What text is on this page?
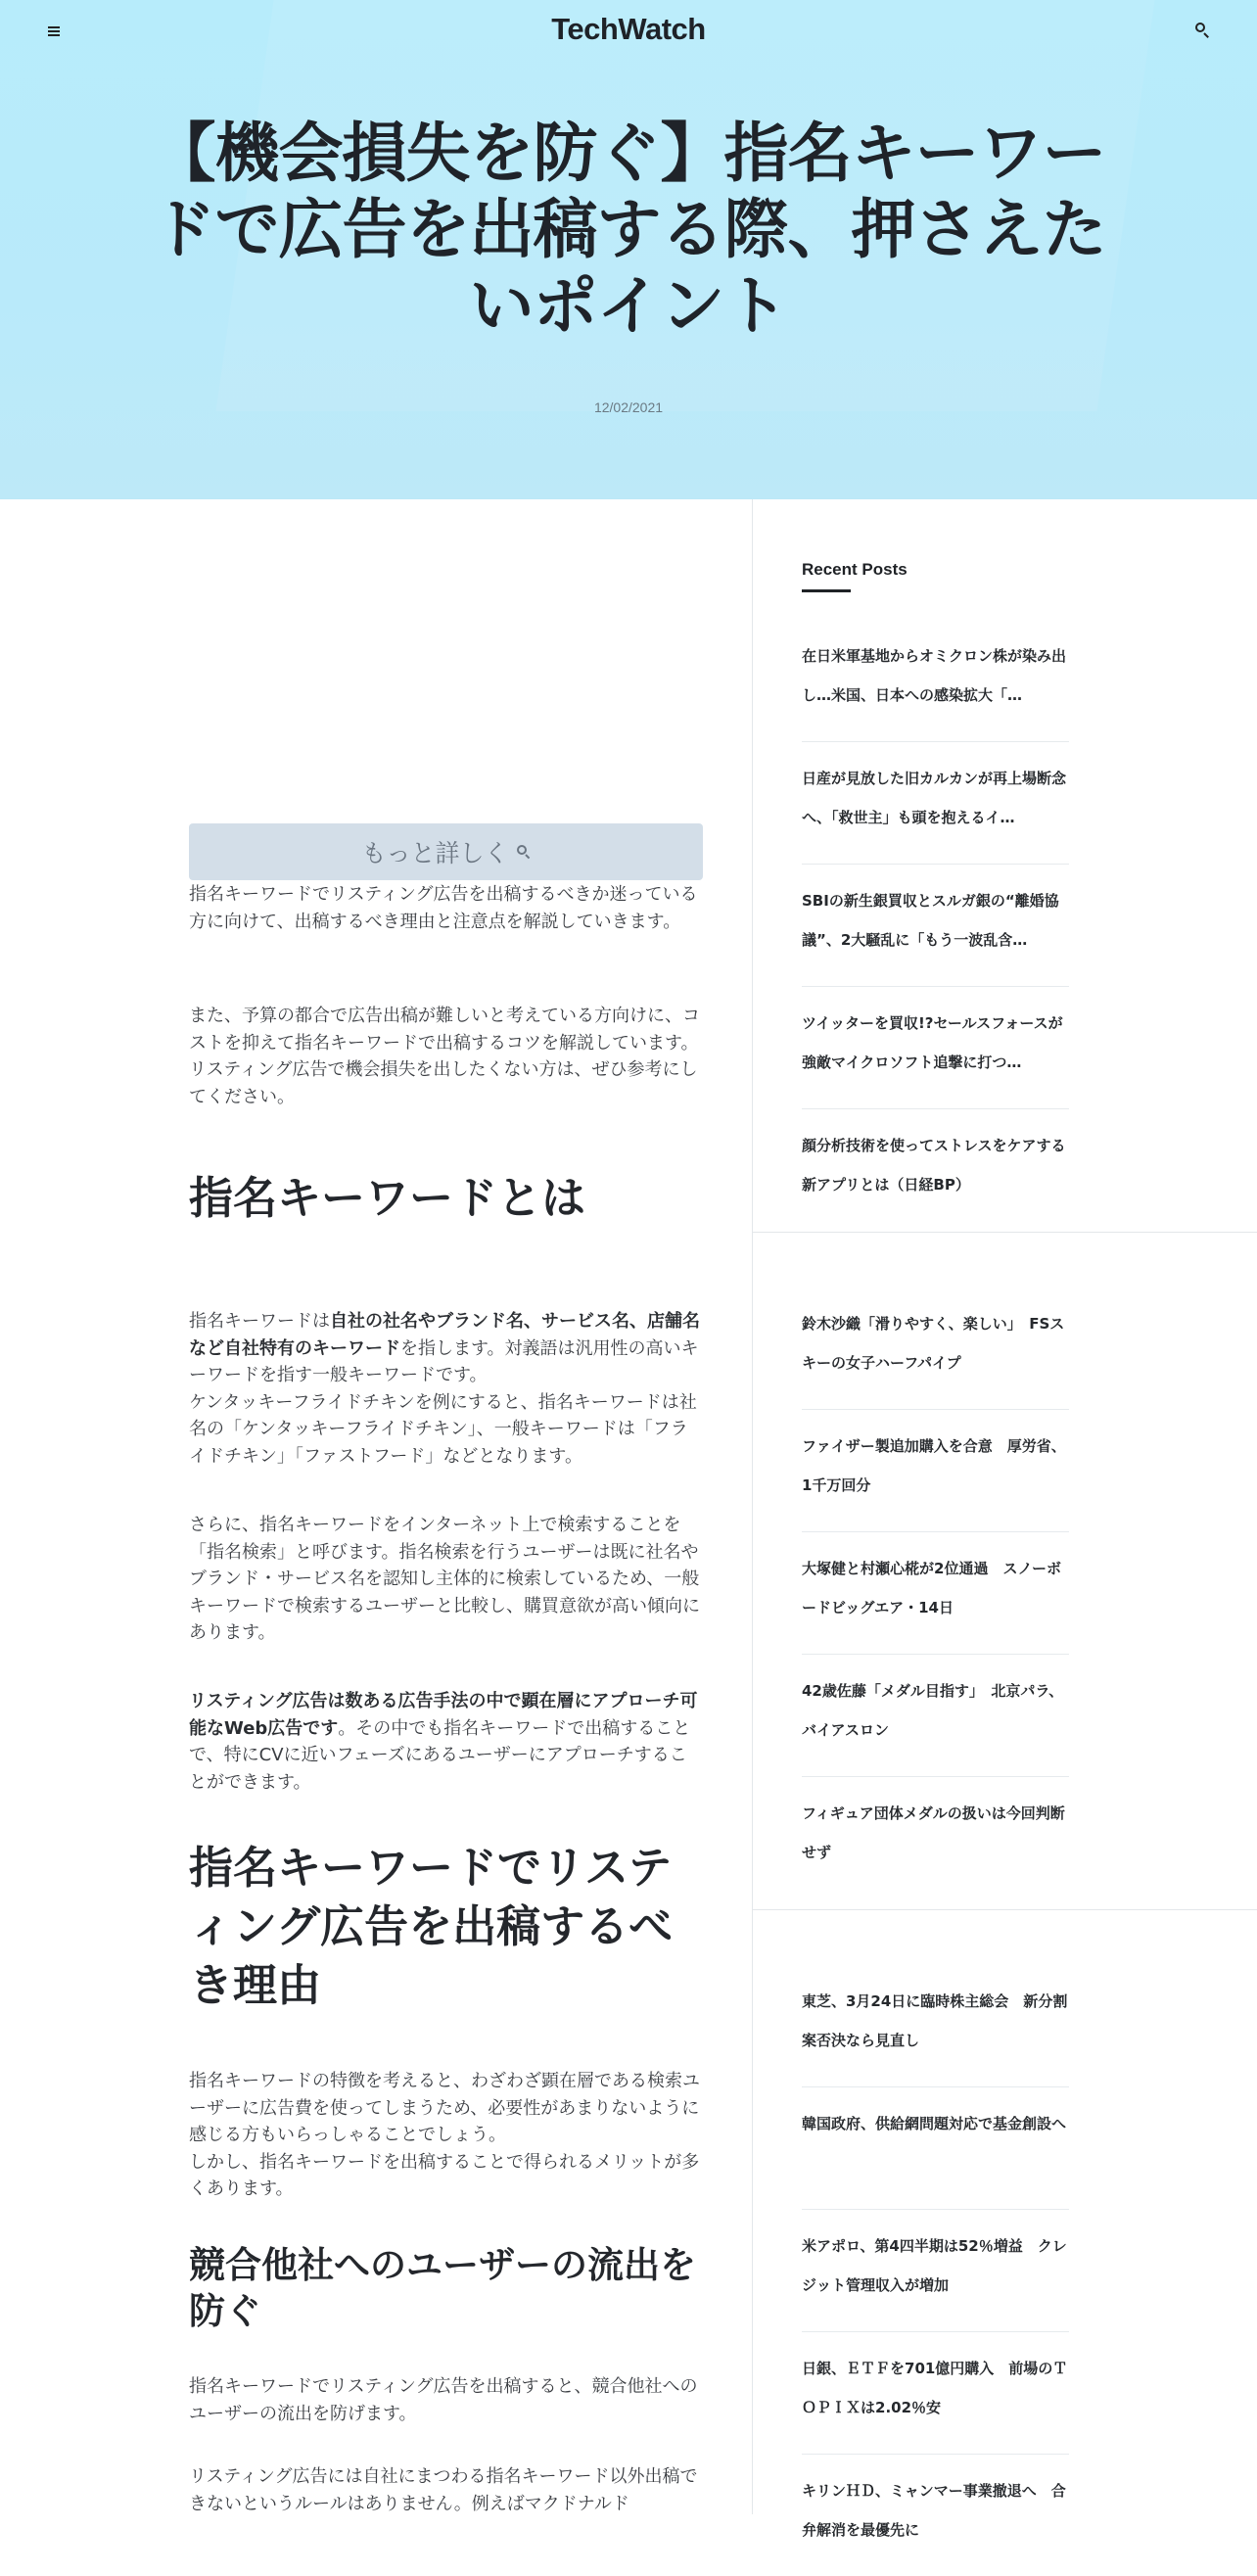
TechWatch
【機会損失を防ぐ】指名キーワードで広告を出稿する際、押さえたいポイント
12/02/2021
もっと詳しく

指名キーワードでリスティング広告を出稿するべきか迷っている方に向けて、出稿するべき理由と注意点を解説していきます。

また、予算の都合で広告出稿が難しいと考えている方向けに、コストを抑えて指名キーワードで出稿するコツを解説しています。
リスティング広告で機会損失を出したくない方は、ぜひ参考にしてください。

指名キーワードとは

指名キーワードは自社の社名やブランド名、サービス名、店舗名など自社特有のキーワードを指します。対義語は汎用性の高いキーワードを指す一般キーワードです。
ケンタッキーフライドチキンを例にすると、指名キーワードは社名の「ケンタッキーフライドチキン」、一般キーワードは「フライドチキン」「ファストフード」などとなります。

さらに、指名キーワードをインターネット上で検索することを「指名検索」と呼びます。指名検索を行うユーザーは既に社名やブランド・サービス名を認知し主体的に検索しているため、一般キーワードで検索するユーザーと比較し、購買意欲が高い傾向にあります。

リスティング広告は数ある広告手法の中で顕在層にアプローチ可能なWeb広告です。その中でも指名キーワードで出稿することで、特にCVに近いフェーズにあるユーザーにアプローチすることができます。

指名キーワードでリスティング広告を出稿するべき理由

指名キーワードの特徴を考えると、わざわざ顕在層である検索ユーザーに広告費を使ってしまうため、必要性があまりないように感じる方もいらっしゃることでしょう。
しかし、指名キーワードを出稿することで得られるメリットが多くあります。

競合他社へのユーザーの流出を防ぐ

指名キーワードでリスティング広告を出稿すると、競合他社へのユーザーの流出を防げます。

リスティング広告には自社にまつわる指名キーワード以外出稿できないというルールはありません。例えばマクドナルド

Recent Posts
在日米軍基地からオミクロン株が染み出し…米国、日本への感染拡大「…
日産が見放した旧カルカンが再上場断念へ、「救世主」も頭を抱えるイ…
SBIの新生銀買収とスルガ銀の“離婚協議”、2大騒乱に「もう一波乱含…
ツイッターを買収!?セールスフォースが強敵マイクロソフト追撃に打つ…
顔分析技術を使ってストレスをケアする新アプリとは（日経BP）
鈴木沙織「滑りやすく、楽しい」　FSスキーの女子ハーフパイプ
ファイザー製追加購入を合意　厚労省、1千万回分
大塚健と村瀬心椛が2位通過　スノーボードビッグエア・14日
42歳佐藤「メダル目指す」　北京パラ、バイアスロン
フィギュア団体メダルの扱いは今回判断せず
東芝、3月24日に臨時株主総会　新分割案否決なら見直し
韓国政府、供給網問題対応で基金創設へ
米アポロ、第4四半期は52％増益　クレジット管理収入が増加
日銀、ＥＴＦを701億円購入　前場のＴＯＰＩＸは2.02％安
キリンＨＤ、ミャンマー事業撤退へ　合弁解消を最優先に
